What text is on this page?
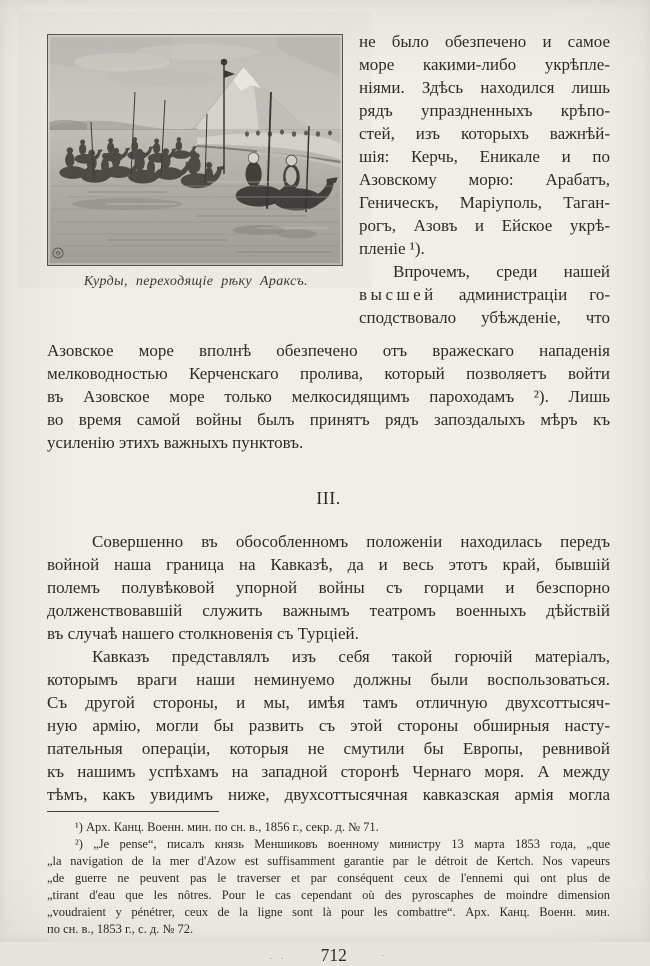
Курды, переходящіе рѣку Араксъ.
не было обезпечено и самое
море какими-либо укрѣпле-
ніями. Здѣсь находился лишь
рядъ упраздненныхъ крѣпо-
стей, изъ которыхъ важнѣй-
шія: Керчь, Еникале и по
Азовскому морю: Арабатъ,
Геническъ, Маріуполь, Таган-
рогъ, Азовъ и Ейское укрѣ-
пленіе ¹).
Впрочемъ, среди нашей
высшей администраціи го-
сподствовало убѣжденіе, что
Азовское море вполнѣ обезпечено отъ вражескаго нападенія
мелководностью Керченскаго пролива, который позволяетъ войти
въ Азовское море только мелкосидящимъ пароходамъ ²). Лишь
во время самой войны былъ принятъ рядъ запоздалыхъ мѣръ къ
усиленію этихъ важныхъ пунктовъ.
III.
Совершенно въ обособленномъ положеніи находилась передъ
войной наша граница на Кавказѣ, да и весь этотъ край, бывшій
полемъ полувѣковой упорной войны съ горцами и безспорно
долженствовавшій служить важнымъ театромъ военныхъ дѣйствій
въ случаѣ нашего столкновенія съ Турціей.
Кавказъ представлялъ изъ себя такой горючій матеріалъ,
которымъ враги наши неминуемо должны были воспользоваться.
Съ другой стороны, и мы, имѣя тамъ отличную двухсоттысяч-
ную армію, могли бы развить съ этой стороны обширныя насту-
пательныя операціи, которыя не смутили бы Европы, ревнивой
къ нашимъ успѣхамъ на западной сторонѣ Чернаго моря. А между
тѣмъ, какъ увидимъ ниже, двухсоттысячная кавказская армія могла
¹) Арх. Канц. Военн. мин. по сн. в., 1856 г., секр. д. № 71.
²) „Je pense“, писалъ князь Меншиковъ военному министру 13 марта 1853 года, „que
„la navigation de la mer d'Azow est suffisamment garantie par le détroit de Kertch. Nos vapeurs
„de guerre ne peuvent pas le traverser et par conséquent ceux de l'ennemi qui ont plus de
„tirant d'eau que les nôtres. Pour le cas cependant où des pyroscaphes de moindre dimension
„voudraient y pénétrer, ceux de la ligne sont là pour les combattre“. Арх. Канц. Военн. мин.
по сн. в., 1853 г., с. д. № 72.
. . 712	·
